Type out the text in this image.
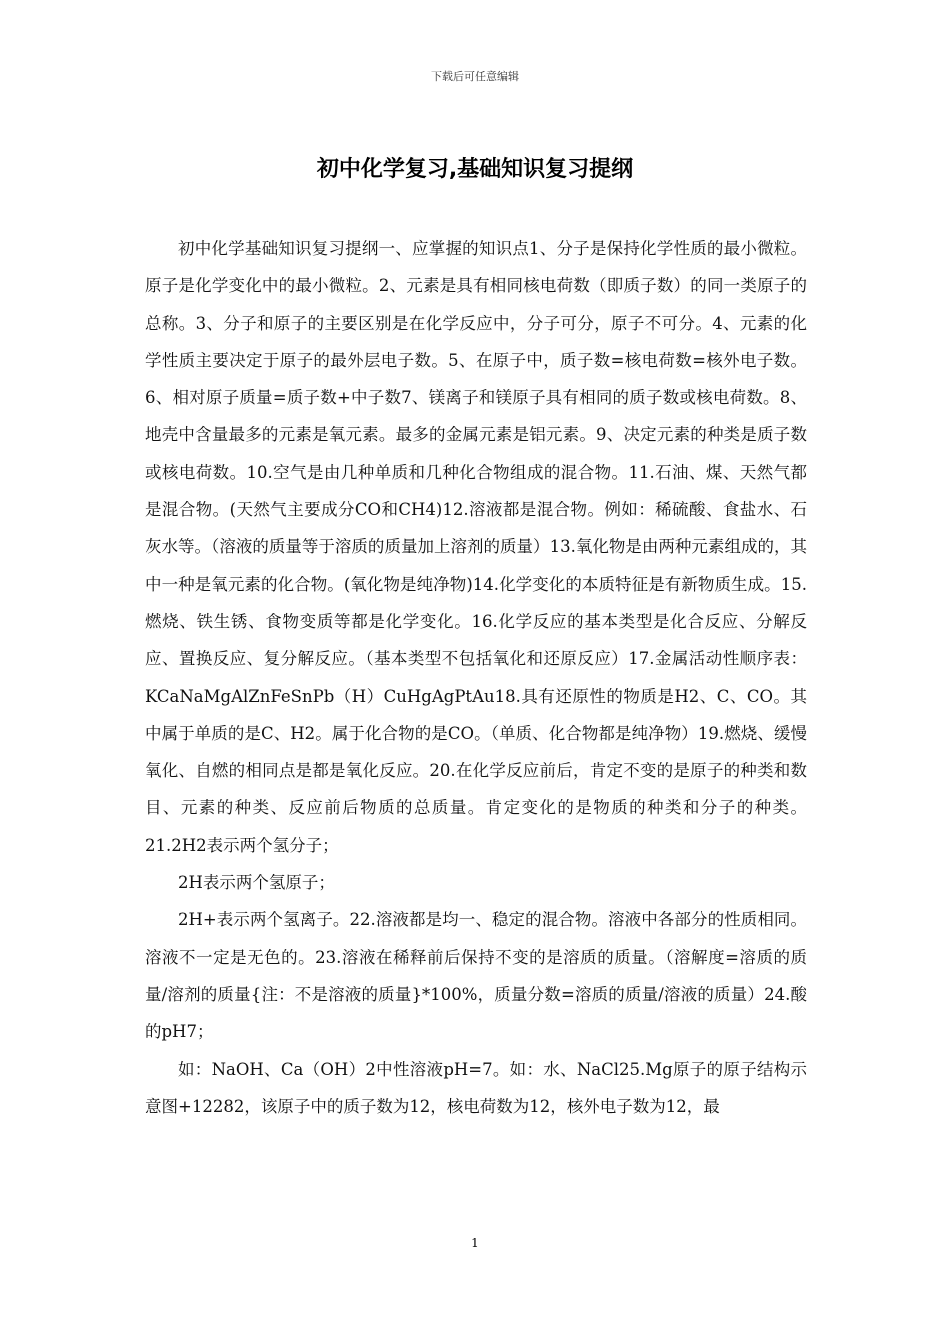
下载后可任意编辑
初中化学复习,基础知识复习提纲

初中化学基础知识复习提纲一、应掌握的知识点1、分子是保持化学性质的最小微粒。原子是化学变化中的最小微粒。2、元素是具有相同核电荷数（即质子数）的同一类原子的总称。3、分子和原子的主要区别是在化学反应中，分子可分，原子不可分。4、元素的化学性质主要决定于原子的最外层电子数。5、在原子中，质子数=核电荷数=核外电子数。6、相对原子质量=质子数+中子数7、镁离子和镁原子具有相同的质子数或核电荷数。8、地壳中含量最多的元素是氧元素。最多的金属元素是铝元素。9、决定元素的种类是质子数或核电荷数。10.空气是由几种单质和几种化合物组成的混合物。11.石油、煤、天然气都是混合物。(天然气主要成分CO和CH4)12.溶液都是混合物。例如：稀硫酸、食盐水、石灰水等。（溶液的质量等于溶质的质量加上溶剂的质量）13.氧化物是由两种元素组成的，其中一种是氧元素的化合物。(氧化物是纯净物)14.化学变化的本质特征是有新物质生成。15.燃烧、铁生锈、食物变质等都是化学变化。16.化学反应的基本类型是化合反应、分解反应、置换反应、复分解反应。（基本类型不包括氧化和还原反应）17.金属活动性顺序表：KCaNaMgAlZnFeSnPb（H）CuHgAgPtAu18.具有还原性的物质是H2、C、CO。其中属于单质的是C、H2。属于化合物的是CO。（单质、化合物都是纯净物）19.燃烧、缓慢氧化、自燃的相同点是都是氧化反应。20.在化学反应前后，肯定不变的是原子的种类和数目、元素的种类、反应前后物质的总质量。肯定变化的是物质的种类和分子的种类。21.2H2表示两个氢分子；

2H表示两个氢原子；

2H+表示两个氢离子。22.溶液都是均一、稳定的混合物。溶液中各部分的性质相同。溶液不一定是无色的。23.溶液在稀释前后保持不变的是溶质的质量。（溶解度=溶质的质量/溶剂的质量{注：不是溶液的质量}*100%，质量分数=溶质的质量/溶液的质量）24.酸的pH7；

如：NaOH、Ca（OH）2中性溶液pH=7。如：水、NaCl25.Mg原子的原子结构示意图+12282，该原子中的质子数为12，核电荷数为12，核外电子数为12，最

1
